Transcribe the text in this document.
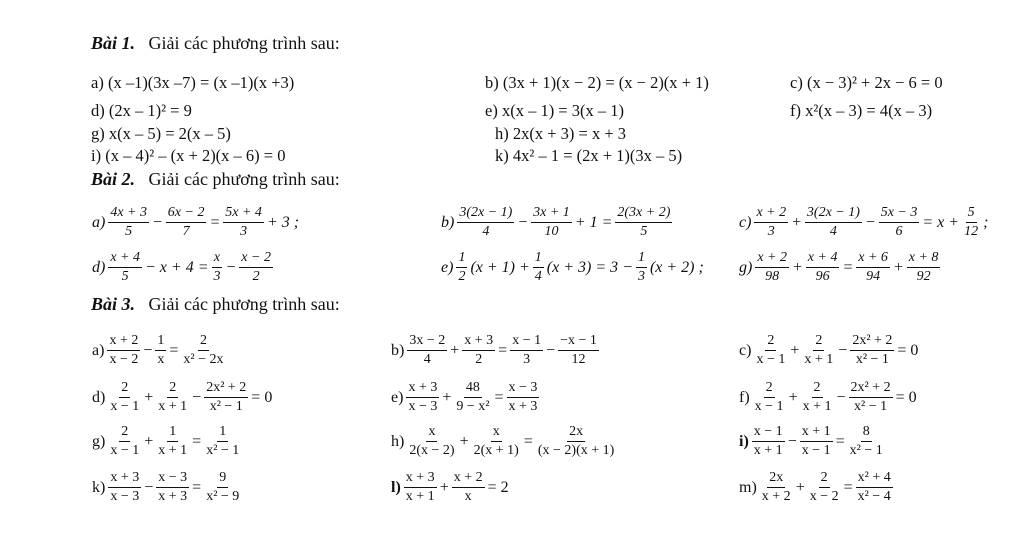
Bài 1. Giải các phương trình sau:
a) (x –1)(3x –7) = (x –1)(x +3)	b) (3x + 1)(x − 2) = (x − 2)(x + 1)	c) (x − 3)² + 2x − 6 = 0
d) (2x – 1)² = 9	e) x(x – 1) = 3(x – 1)	f) x²(x – 3) = 4(x – 3)
g) x(x – 5) = 2(x – 5)	h) 2x(x + 3) = x + 3
i) (x – 4)² – (x + 2)(x – 6) = 0	k) 4x² – 1 = (2x + 1)(3x – 5)
Bài 2. Giải các phương trình sau:
$a) \frac{4x + 3}{5} - \frac{6x - 2}{7} = \frac{5x + 4}{3} + 3$ ;	$b) \frac{3(2x - 1)}{4} - \frac{3x + 1}{10} + 1 = \frac{2(3x + 2)}{5}$	$c) \frac{x + 2}{3} + \frac{3(2x - 1)}{4} - \frac{5x - 3}{6} = x + \frac{5}{12}$ ;
$d) \frac{x + 4}{5} - x + 4 = \frac{x}{3} - \frac{x - 2}{2}$	$e) \frac{1}{2} (x + 1) + \frac{1}{4} (x + 3) = 3 - \frac{1}{3} (x + 2)$ ; $g) \frac{x + 2}{98} + \frac{x + 4}{96} = \frac{x + 6}{94} + \frac{x + 8}{92}$
Bài 3. Giải các phương trình sau:
$a) \frac{x + 2}{x - 2} - \frac{1}{x} = \frac{2}{\text{x² − 2x}}$	$b) \frac{3x - 2}{4} + \frac{x + 3}{2} = \frac{x - 1}{3} - \frac{-x - 1}{12}$	$c) \frac{2}{x - 1} + \frac{2}{x + 1} - \frac{\text{2x² + 2}}{\text{x² − 1}} = 0$
$d) \frac{2}{x - 1} + \frac{2}{x + 1} - \frac{\text{2x² + 2}}{\text{x² − 1}} = 0$	$e) \frac{x + 3}{x - 3} + \frac{48}{\text{9 − x²}} = \frac{x - 3}{x + 3}$	$f) \frac{2}{x - 1} + \frac{2}{x + 1} - \frac{\text{2x² + 2}}{\text{x² − 1}} = 0$
$g) \frac{2}{x - 1} + \frac{1}{x + 1} = \frac{1}{\text{x² − 1}}$	$h) \frac{x}{2(x - 2)} + \frac{x}{2(x + 1)} = \frac{2x}{(x - 2)(x + 1)}$	$i) \frac{x - 1}{x + 1} - \frac{x + 1}{x - 1} = \frac{8}{\text{x² − 1}}$
$k) \frac{x + 3}{x - 3} - \frac{x - 3}{x + 3} = \frac{9}{\text{x² − 9}}$	$l) \frac{x + 3}{x + 1} + \frac{x + 2}{x} = 2$	$m) \frac{2x}{x + 2} + \frac{2}{x - 2} = \frac{\text{x² + 4}}{\text{x² − 4}}$
